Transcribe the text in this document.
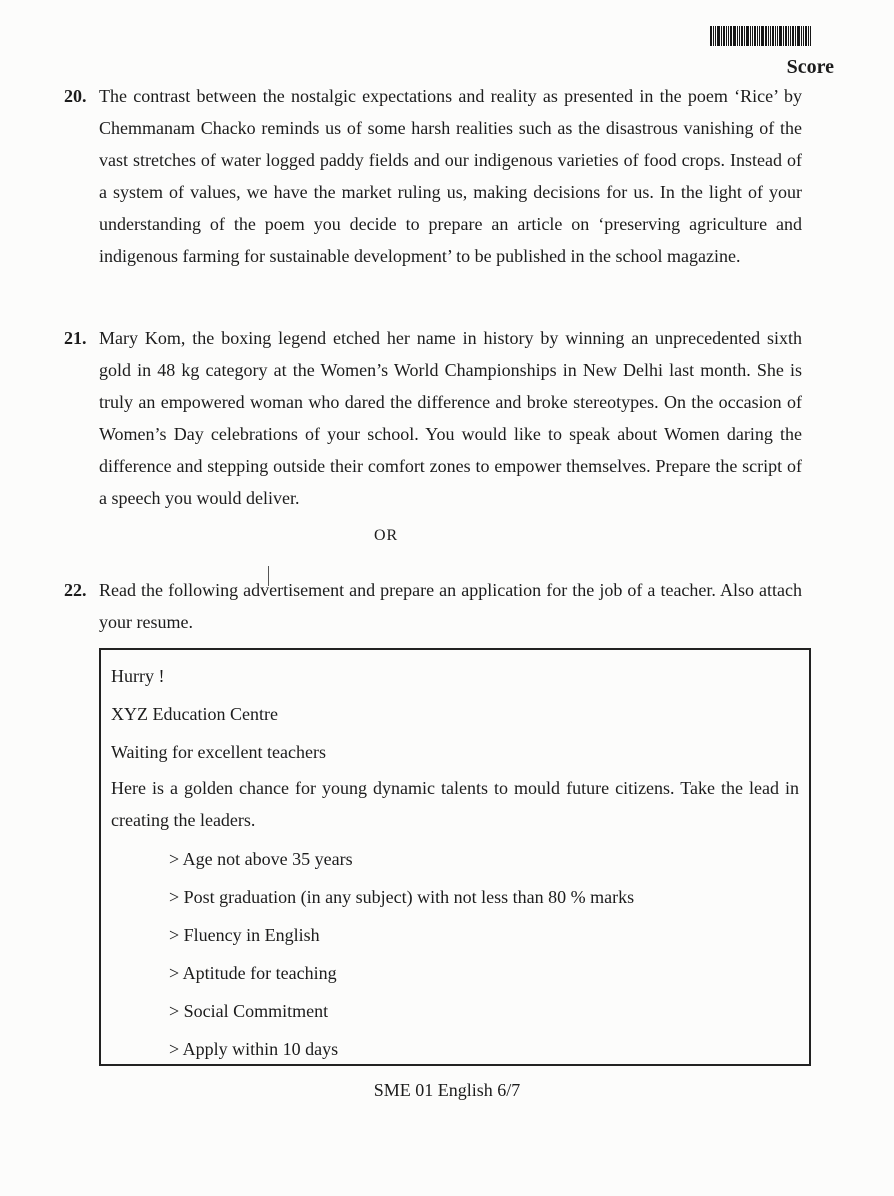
Score
20. The contrast between the nostalgic expectations and reality as presented in the poem ‘Rice’ by Chemmanam Chacko reminds us of some harsh realities such as the disastrous vanishing of the vast stretches of water logged paddy fields and our indigenous varieties of food crops. Instead of a system of values, we have the market ruling us, making decisions for us. In the light of your understanding of the poem you decide to prepare an article on ‘preserving agriculture and indigenous farming for sustainable development’ to be published in the school magazine.
21. Mary Kom, the boxing legend etched her name in history by winning an unprecedented sixth gold in 48 kg category at the Women’s World Championships in New Delhi last month. She is truly an empowered woman who dared the difference and broke stereotypes. On the occasion of Women’s Day celebrations of your school. You would like to speak about Women daring the difference and stepping outside their comfort zones to empower themselves. Prepare the script of a speech you would deliver.
OR
22. Read the following advertisement and prepare an application for the job of a teacher. Also attach your resume.

Hurry !

XYZ Education Centre

Waiting for excellent teachers

Here is a golden chance for young dynamic talents to mould future citizens. Take the lead in creating the leaders.

> Age not above 35 years
> Post graduation (in any subject) with not less than 80 % marks
> Fluency in English
> Aptitude for teaching
> Social Commitment
> Apply within 10 days
SME 01 English 6/7
